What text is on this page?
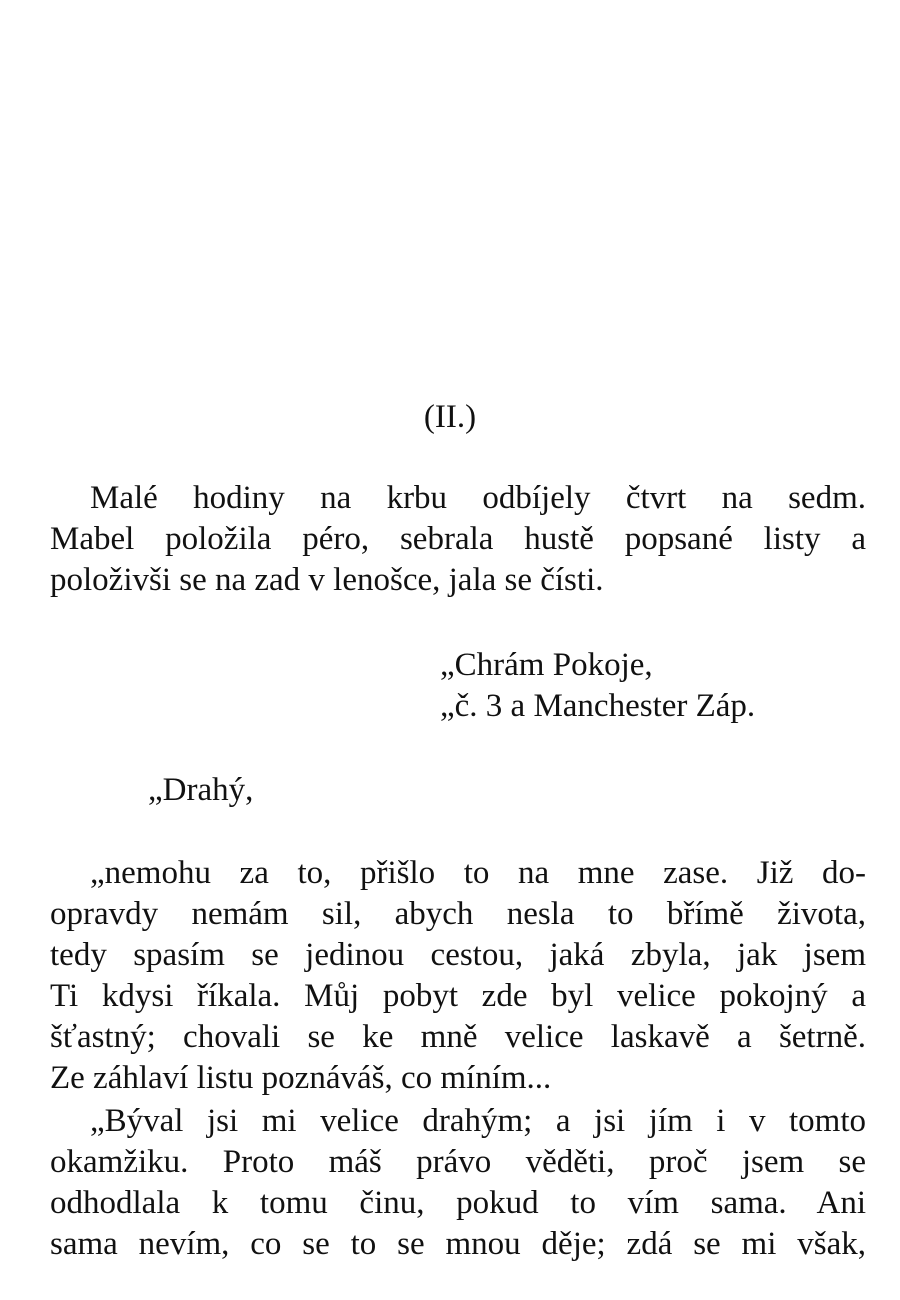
(II.)

Malé hodiny na krbu odbíjely čtvrt na sedm.
Mabel položila péro, sebrala hustě popsané listy a
položivši se na zad v lenošce, jala se čísti.

„Chrám Pokoje,
„č. 3 a Manchester Záp.

„Drahý,

„nemohu za to, přišlo to na mne zase. Již do-
opravdy nemám sil, abych nesla to břímě života,
tedy spasím se jedinou cestou, jaká zbyla, jak jsem
Ti kdysi říkala. Můj pobyt zde byl velice pokojný a
šťastný; chovali se ke mně velice laskavě a šetrně.
Ze záhlaví listu poznáváš, co míním...

„Býval jsi mi velice drahým; a jsi jím i v tomto
okamžiku. Proto máš právo věděti, proč jsem se
odhodlala k tomu činu, pokud to vím sama. Ani
sama nevím, co se to se mnou děje; zdá se mi však,
